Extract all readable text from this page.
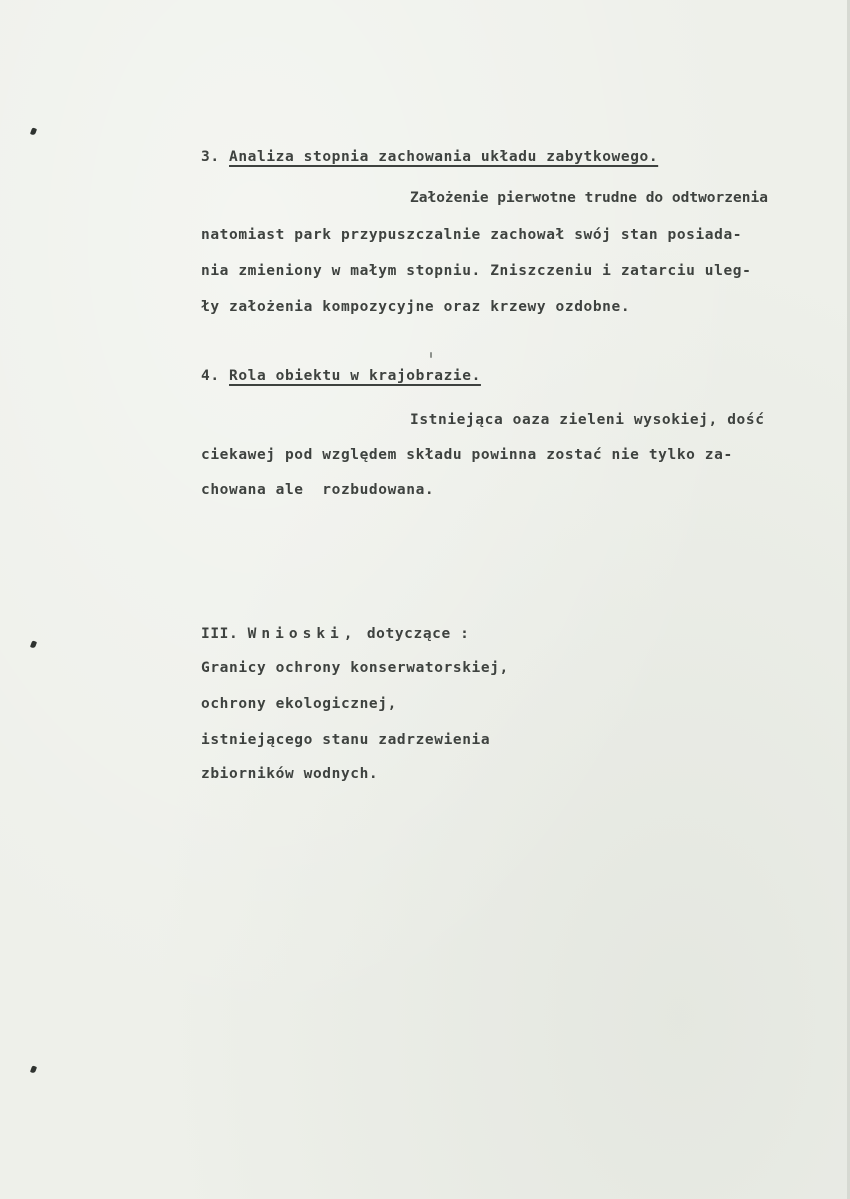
3. Analiza stopnia zachowania układu zabytkowego.
Założenie pierwotne trudne do odtworzenia
natomiast park przypuszczalnie zachował swój stan posiada-
nia zmieniony w małym stopniu. Zniszczeniu i zatarciu uleg-
ły założenia kompozycyjne oraz krzewy ozdobne.
4. Rola obiektu w krajobrazie.
Istniejąca oaza zieleni wysokiej, dość
ciekawej pod względem składu powinna zostać nie tylko za-
chowana ale  rozbudowana.
III. Wnioski, dotyczące :
Granicy ochrony konserwatorskiej,
ochrony ekologicznej,
istniejącego stanu zadrzewienia
zbiorników wodnych.
